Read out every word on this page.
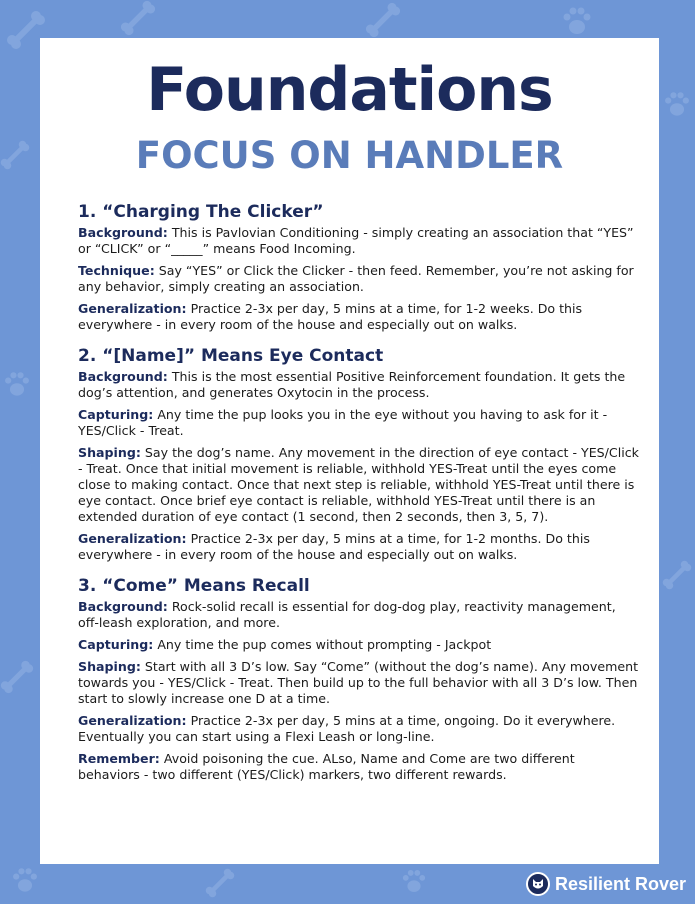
Foundations
FOCUS ON HANDLER
1. “Charging The Clicker”

Background: This is Pavlovian Conditioning - simply creating an association that “YES” or “CLICK” or “_____” means Food Incoming.

Technique: Say “YES” or Click the Clicker - then feed. Remember, you’re not asking for any behavior, simply creating an association.

Generalization: Practice 2-3x per day, 5 mins at a time, for 1-2 weeks. Do this everywhere - in every room of the house and especially out on walks.

2. “[Name]” Means Eye Contact

Background: This is the most essential Positive Reinforcement foundation. It gets the dog’s attention, and generates Oxytocin in the process.

Capturing: Any time the pup looks you in the eye without you having to ask for it - YES/Click - Treat.

Shaping: Say the dog’s name. Any movement in the direction of eye contact - YES/Click - Treat. Once that initial movement is reliable, withhold YES-Treat until the eyes come close to making contact. Once that next step is reliable, withhold YES-Treat until there is eye contact. Once brief eye contact is reliable, withhold YES-Treat until there is an extended duration of eye contact (1 second, then 2 seconds, then 3, 5, 7).

Generalization: Practice 2-3x per day, 5 mins at a time, for 1-2 months. Do this everywhere - in every room of the house and especially out on walks.

3. “Come” Means Recall

Background: Rock-solid recall is essential for dog-dog play, reactivity management, off-leash exploration, and more.

Capturing: Any time the pup comes without prompting - Jackpot

Shaping: Start with all 3 D’s low. Say “Come” (without the dog’s name). Any movement towards you - YES/Click - Treat. Then build up to the full behavior with all 3 D’s low. Then start to slowly increase one D at a time.

Generalization: Practice 2-3x per day, 5 mins at a time, ongoing. Do it everywhere. Eventually you can start using a Flexi Leash or long-line.

Remember: Avoid poisoning the cue. ALso, Name and Come are two different behaviors - two different (YES/Click) markers, two different rewards.

Resilient Rover
